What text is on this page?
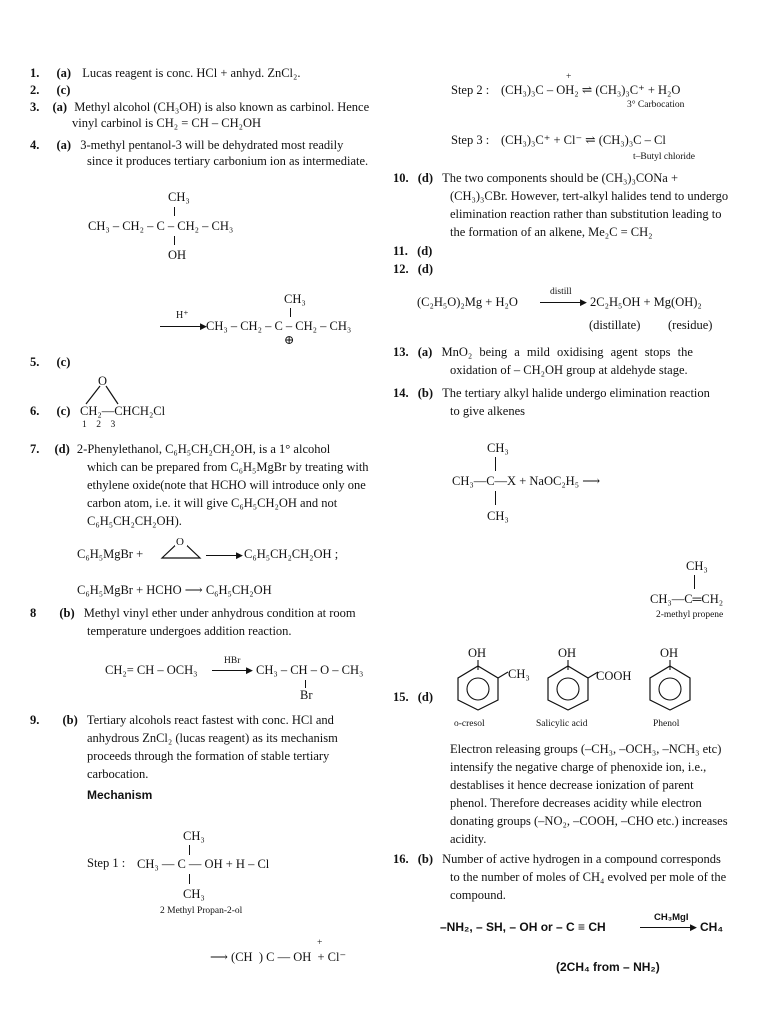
1. (a) Lucas reagent is conc. HCl + anhyd. ZnCl₂.
2. (c)
3. (a) Methyl alcohol (CH₃OH) is also known as carbinol. Hence
vinyl carbinol is CH₂ = CH – CH₂OH
4. (a) 3-methyl pentanol-3 will be dehydrated most readily
since it produces tertiary carbonium ion as intermediate.
CH₃
CH₃ – CH₂ – C – CH₂ – CH₃
OH
CH₃
H⁺
▶ CH₃ – CH₂ – C – CH₂ – CH₃
⊕
5. (c)
6. (c)
O
CH₂—CHCH₂Cl
1    2    3
7. (d) 2-Phenylethanol, C₆H₅CH₂CH₂OH, is a 1° alcohol
which can be prepared from C₆H₅MgBr by treating with
ethylene oxide(note that HCHO will introduce only one
carbon atom, i.e. it will give C₆H₅CH₂OH and not
C₆H₅CH₂CH₂OH).
C₆H₅MgBr +
O
▶ C₆H₅CH₂CH₂OH ;
C₆H₅MgBr + HCHO ⟶ C₆H₅CH₂OH
8 (b) Methyl vinyl ether under anhydrous condition at room
temperature undergoes addition reaction.
CH₂= CH – OCH₃
HBr
▶ CH₃ – CH – O – CH₃
Br
9. (b) Tertiary alcohols react fastest with conc. HCl and
anhydrous ZnCl₂ (lucas reagent) as its mechanism
proceeds through the formation of stable tertiary
carbocation.
Mechanism
CH₃
Step 1 : CH₃ — C — OH + H – Cl
CH₃
2 Methyl Propan-2-ol
+
⟶ (CH  ) C — OH  + Cl⁻
+
Step 2 : (CH₃)₃C – OH₂ ⇌ (CH₃)₃C⁺ + H₂O
3° Carbocation
Step 3 : (CH₃)₃C⁺ + Cl⁻ ⇌ (CH₃)₃C – Cl
t–Butyl chloride
10. (d) The two components should be (CH₃)₃CONa +
(CH₃)₃CBr. However, tert-alkyl halides tend to undergo
elimination reaction rather than substitution leading to
the formation of an alkene, Me₂C = CH₂
11. (d)
12. (d)
(C₂H₅O)₂Mg + H₂O
distill
▶ 2C₂H₅OH + Mg(OH)₂
(distillate) (residue)
13. (a) MnO₂ being a mild oxidising agent stops the
oxidation of – CH₂OH group at aldehyde stage.
14. (b) The tertiary alkyl halide undergo elimination reaction
to give alkenes
CH₃
CH₃—C—X + NaOC₂H₅ ⟶
CH₃
CH₃
CH₃—C═CH₂
2-methyl propene
15. (d)
OH
CH₃
OH
COOH
OH
o-cresol	Salicylic acid	Phenol
Electron releasing groups (–CH₃, –OCH₃, –NCH₃ etc)
intensify the negative charge of phenoxide ion, i.e.,
destablises it hence decrease ionization of parent
phenol. Therefore decreases acidity while electron
donating groups (–NO₂, –COOH, –CHO etc.) increases
acidity.
16. (b) Number of active hydrogen in a compound corresponds
to the number of moles of CH₄ evolved per mole of the
compound.
–NH₂, – SH, – OH or – C ≡ CH
CH₃MgI
▶ CH₄
(2CH₄ from – NH₂)
